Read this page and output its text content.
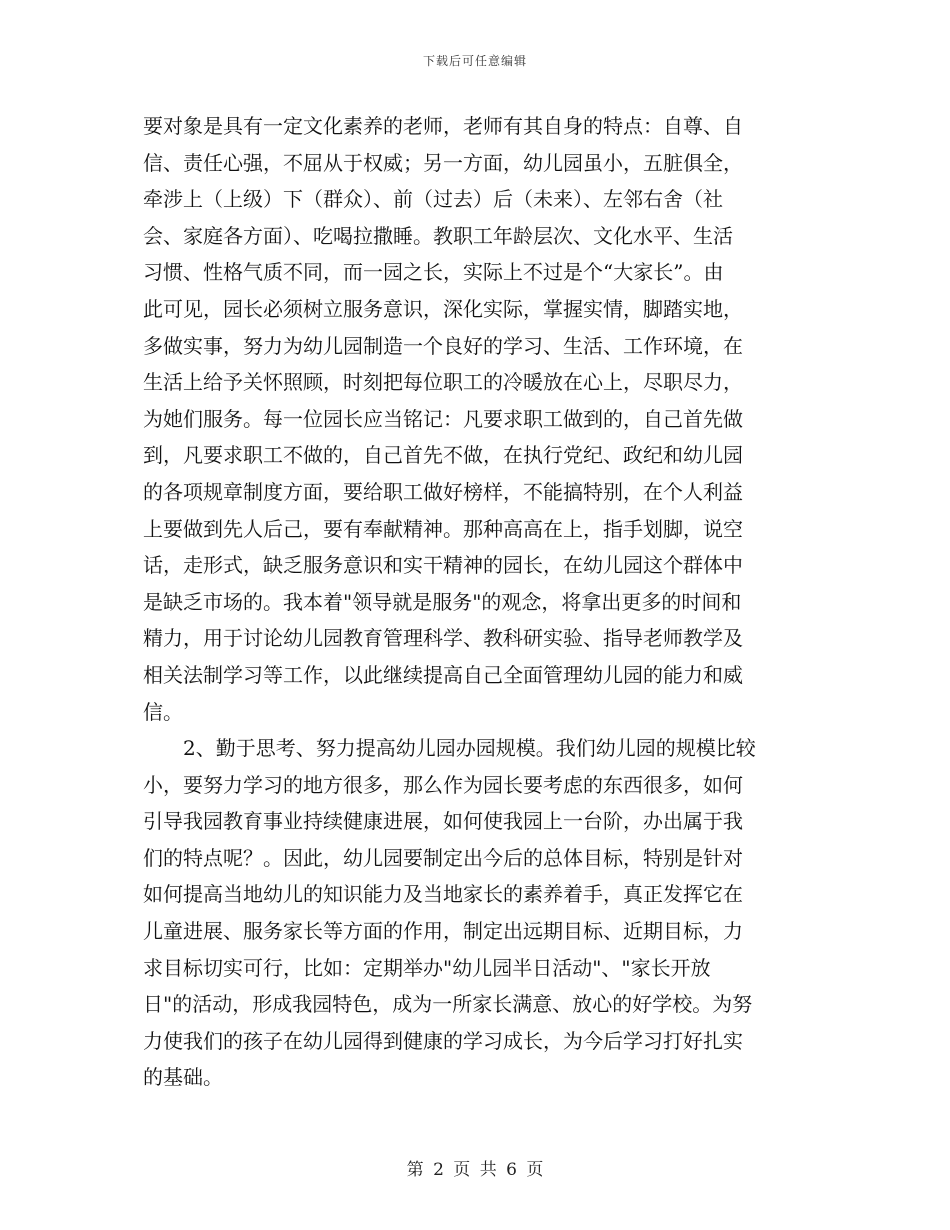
下载后可任意编辑
要对象是具有一定文化素养的老师，老师有其自身的特点：自尊、自
信、责任心强，不屈从于权威；另一方面，幼儿园虽小，五脏俱全，
牵涉上（上级）下（群众）、前（过去）后（未来）、左邻右舍（社
会、家庭各方面）、吃喝拉撒睡。教职工年龄层次、文化水平、生活
习惯、性格气质不同，而一园之长，实际上不过是个“大家长”。由
此可见，园长必须树立服务意识，深化实际，掌握实情，脚踏实地，
多做实事，努力为幼儿园制造一个良好的学习、生活、工作环境，在
生活上给予关怀照顾，时刻把每位职工的冷暖放在心上，尽职尽力，
为她们服务。每一位园长应当铭记：凡要求职工做到的，自己首先做
到，凡要求职工不做的，自己首先不做，在执行党纪、政纪和幼儿园
的各项规章制度方面，要给职工做好榜样，不能搞特别，在个人利益
上要做到先人后己，要有奉献精神。那种高高在上，指手划脚，说空
话，走形式，缺乏服务意识和实干精神的园长，在幼儿园这个群体中
是缺乏市场的。我本着"领导就是服务"的观念，将拿出更多的时间和
精力，用于讨论幼儿园教育管理科学、教科研实验、指导老师教学及
相关法制学习等工作，以此继续提高自己全面管理幼儿园的能力和威
信。
　　2、勤于思考、努力提高幼儿园办园规模。我们幼儿园的规模比较
小，要努力学习的地方很多，那么作为园长要考虑的东西很多，如何
引导我园教育事业持续健康进展，如何使我园上一台阶，办出属于我
们的特点呢？。因此，幼儿园要制定出今后的总体目标，特别是针对
如何提高当地幼儿的知识能力及当地家长的素养着手，真正发挥它在
儿童进展、服务家长等方面的作用，制定出远期目标、近期目标，力
求目标切实可行，比如：定期举办"幼儿园半日活动"、"家长开放
日"的活动，形成我园特色，成为一所家长满意、放心的好学校。为努
力使我们的孩子在幼儿园得到健康的学习成长，为今后学习打好扎实
的基础。
第 2 页 共 6 页
